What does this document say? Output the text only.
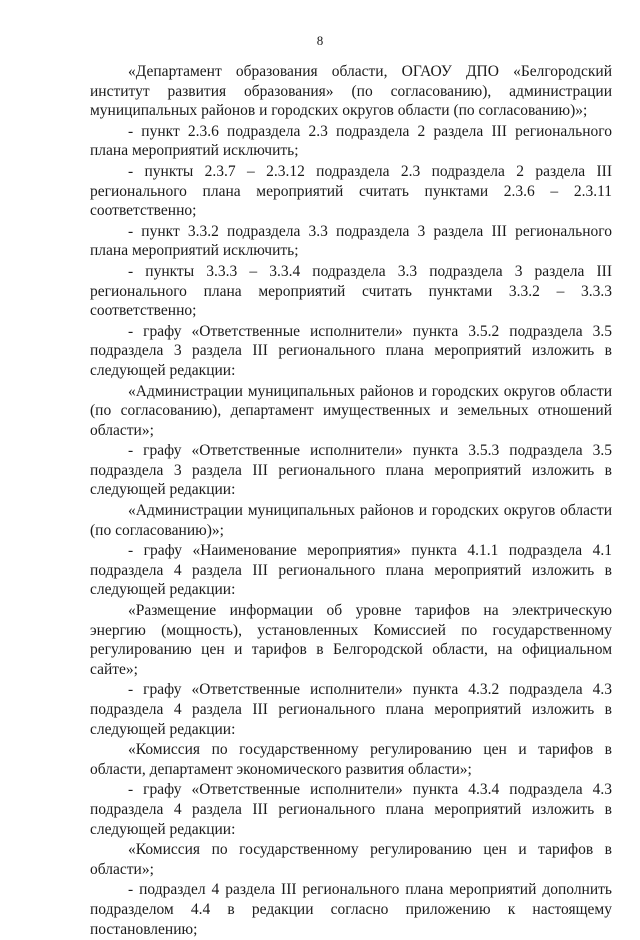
8

«Департамент образования области, ОГАОУ ДПО «Белгородский институт развития образования» (по согласованию), администрации муниципальных районов и городских округов области (по согласованию)»;

- пункт 2.3.6 подраздела 2.3 подраздела 2 раздела III регионального плана мероприятий исключить;

- пункты 2.3.7 – 2.3.12 подраздела 2.3 подраздела 2 раздела III регионального плана мероприятий считать пунктами 2.3.6 – 2.3.11 соответственно;

- пункт 3.3.2 подраздела 3.3 подраздела 3 раздела III регионального плана мероприятий исключить;

- пункты 3.3.3 – 3.3.4 подраздела 3.3 подраздела 3 раздела III регионального плана мероприятий считать пунктами 3.3.2 – 3.3.3 соответственно;

- графу «Ответственные исполнители» пункта 3.5.2 подраздела 3.5 подраздела 3 раздела III регионального плана мероприятий изложить в следующей редакции:

«Администрации муниципальных районов и городских округов области (по согласованию), департамент имущественных и земельных отношений области»;

- графу «Ответственные исполнители» пункта 3.5.3 подраздела 3.5 подраздела 3 раздела III регионального плана мероприятий изложить в следующей редакции:

«Администрации муниципальных районов и городских округов области (по согласованию)»;

- графу «Наименование мероприятия» пункта 4.1.1 подраздела 4.1 подраздела 4 раздела III регионального плана мероприятий изложить в следующей редакции:

«Размещение информации об уровне тарифов на электрическую энергию (мощность), установленных Комиссией по государственному регулированию цен и тарифов в Белгородской области, на официальном сайте»;

- графу «Ответственные исполнители» пункта 4.3.2 подраздела 4.3 подраздела 4 раздела III регионального плана мероприятий изложить в следующей редакции:

«Комиссия по государственному регулированию цен и тарифов в области, департамент экономического развития области»;

- графу «Ответственные исполнители» пункта 4.3.4 подраздела 4.3 подраздела 4 раздела III регионального плана мероприятий изложить в следующей редакции:

«Комиссия по государственному регулированию цен и тарифов в области»;

- подраздел 4 раздела III регионального плана мероприятий дополнить подразделом 4.4 в редакции согласно приложению к настоящему постановлению;
